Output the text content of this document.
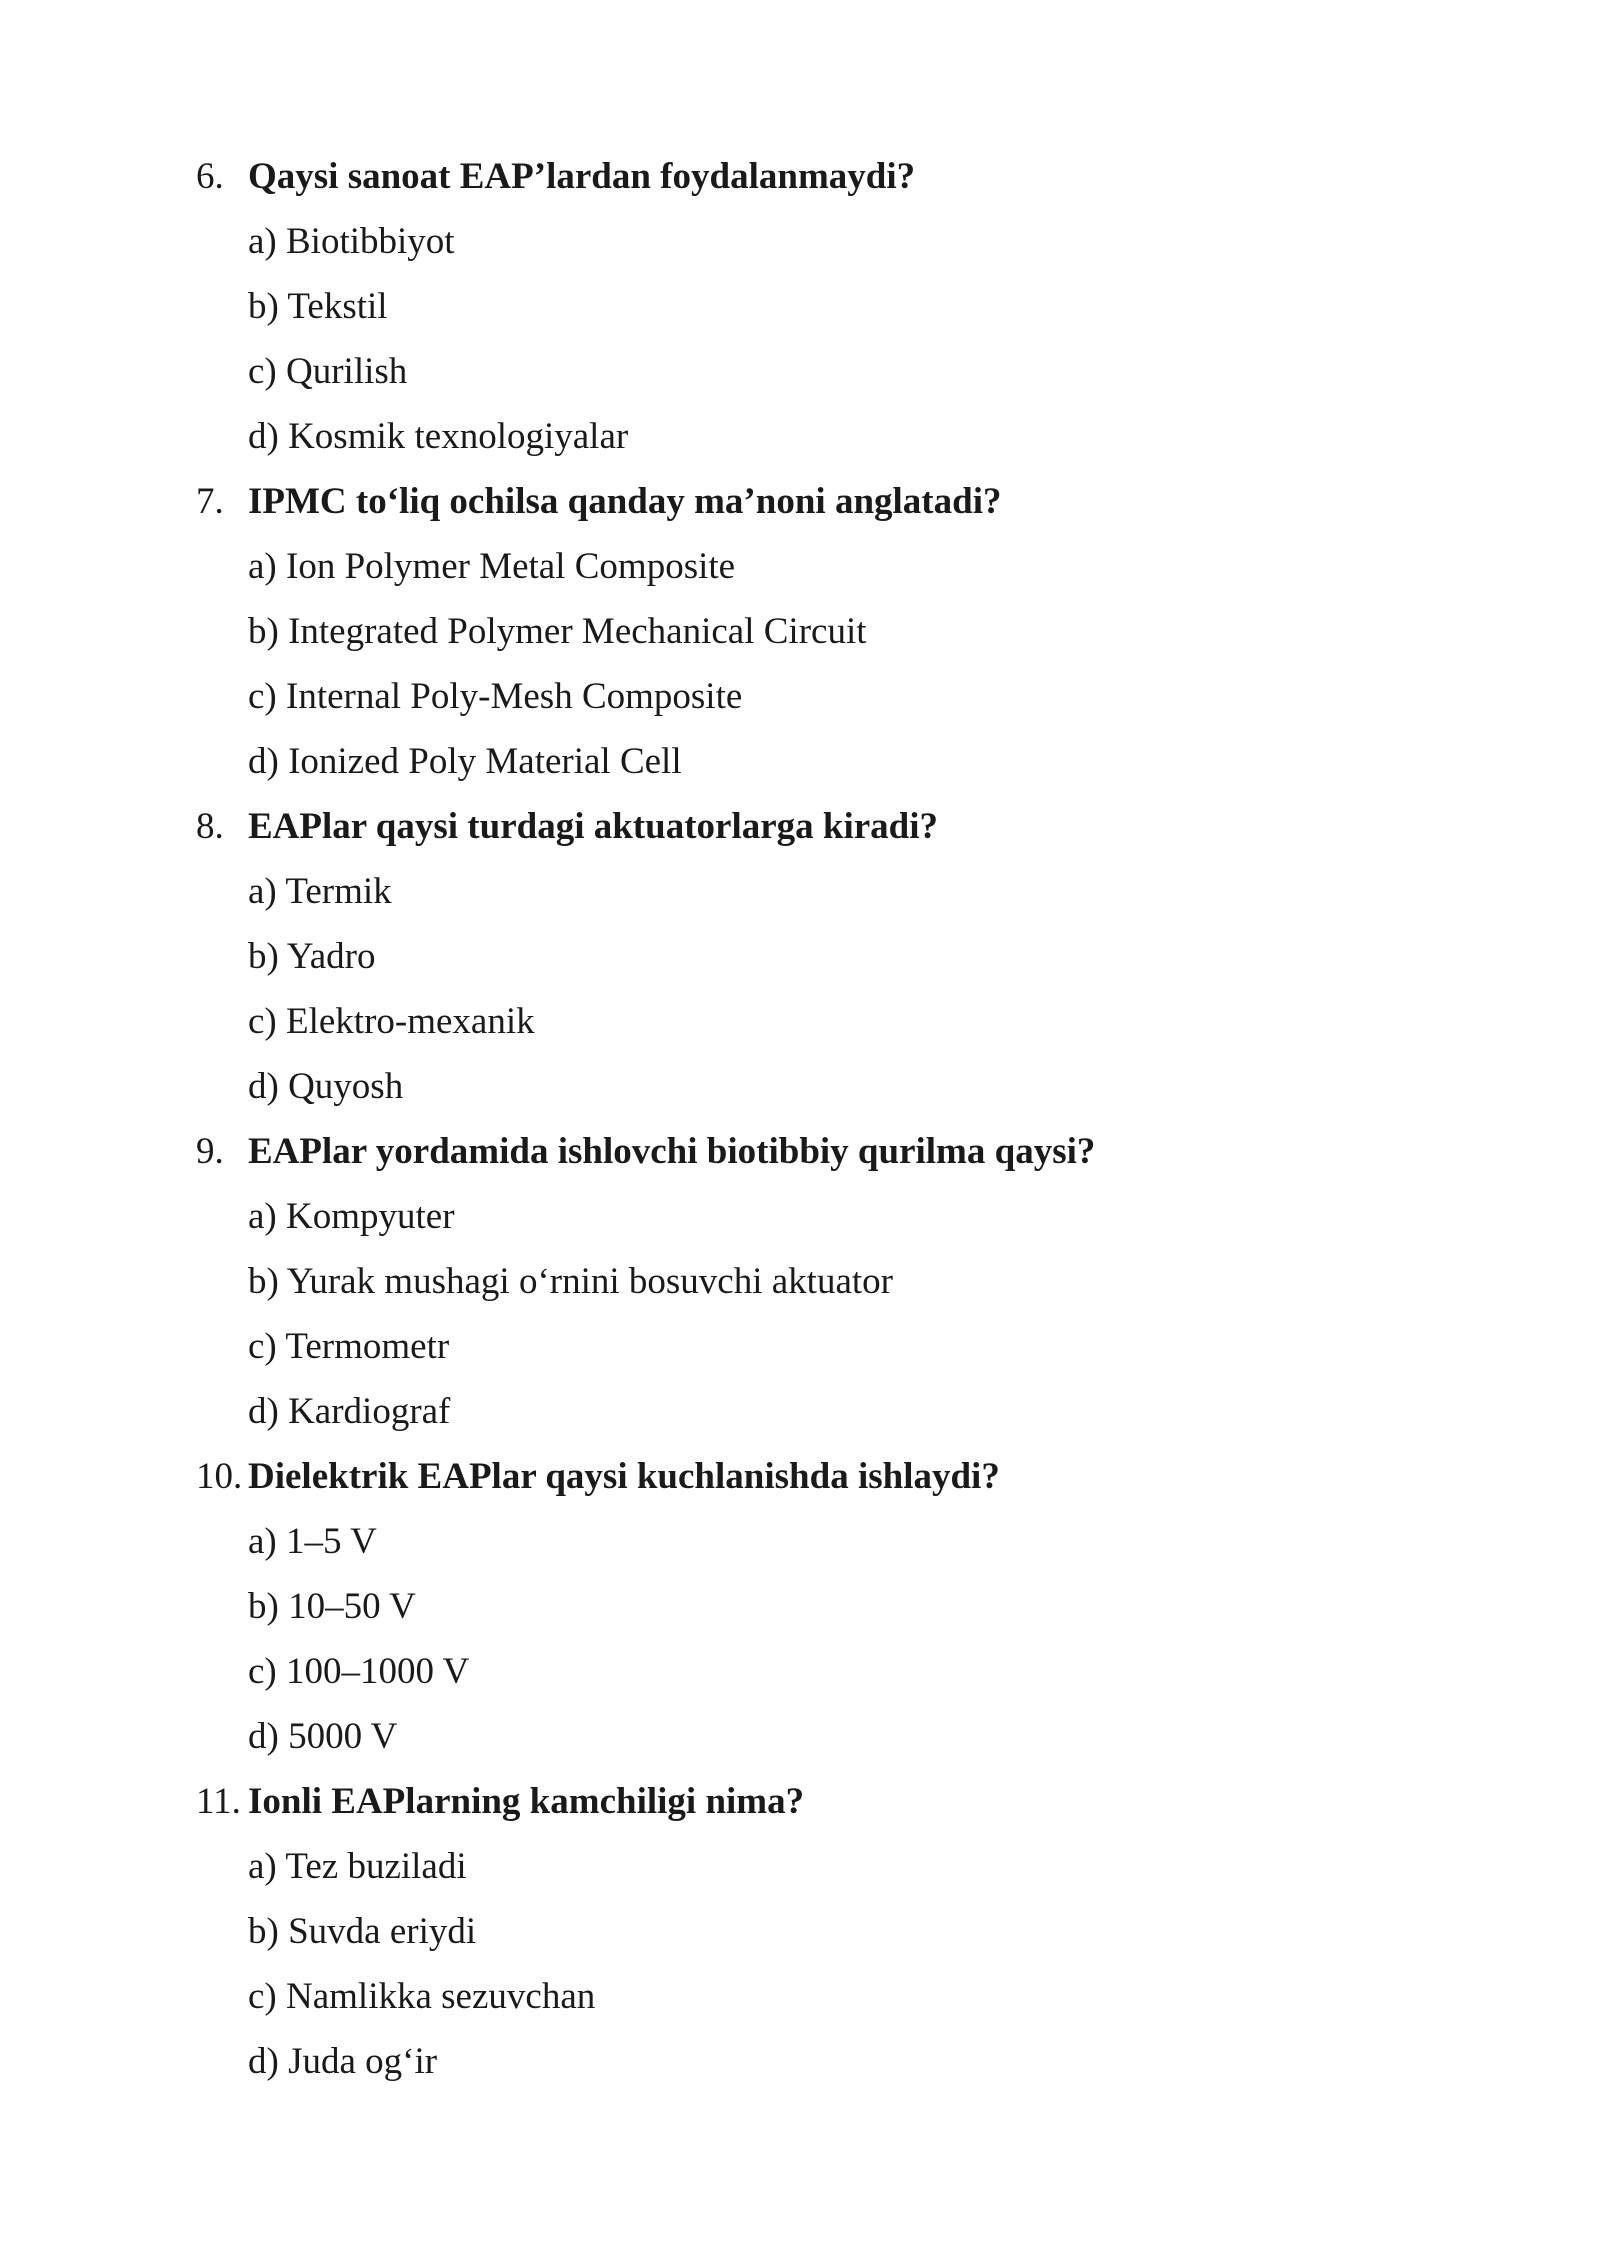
6. Qaysi sanoat EAP’lardan foydalanmaydi?
a) Biotibbiyot
b) Tekstil
c) Qurilish
d) Kosmik texnologiyalar
7. IPMC to‘liq ochilsa qanday ma’noni anglatadi?
a) Ion Polymer Metal Composite
b) Integrated Polymer Mechanical Circuit
c) Internal Poly-Mesh Composite
d) Ionized Poly Material Cell
8. EAPlar qaysi turdagi aktuatorlarga kiradi?
a) Termik
b) Yadro
c) Elektro-mexanik
d) Quyosh
9. EAPlar yordamida ishlovchi biotibbiy qurilma qaysi?
a) Kompyuter
b) Yurak mushagi o‘rnini bosuvchi aktuator
c) Termometr
d) Kardiograf
10. Dielektrik EAPlar qaysi kuchlanishda ishlaydi?
a) 1–5 V
b) 10–50 V
c) 100–1000 V
d) 5000 V
11. Ionli EAPlarning kamchiligi nima?
a) Tez buziladi
b) Suvda eriydi
c) Namlikka sezuvchan
d) Juda og‘ir
